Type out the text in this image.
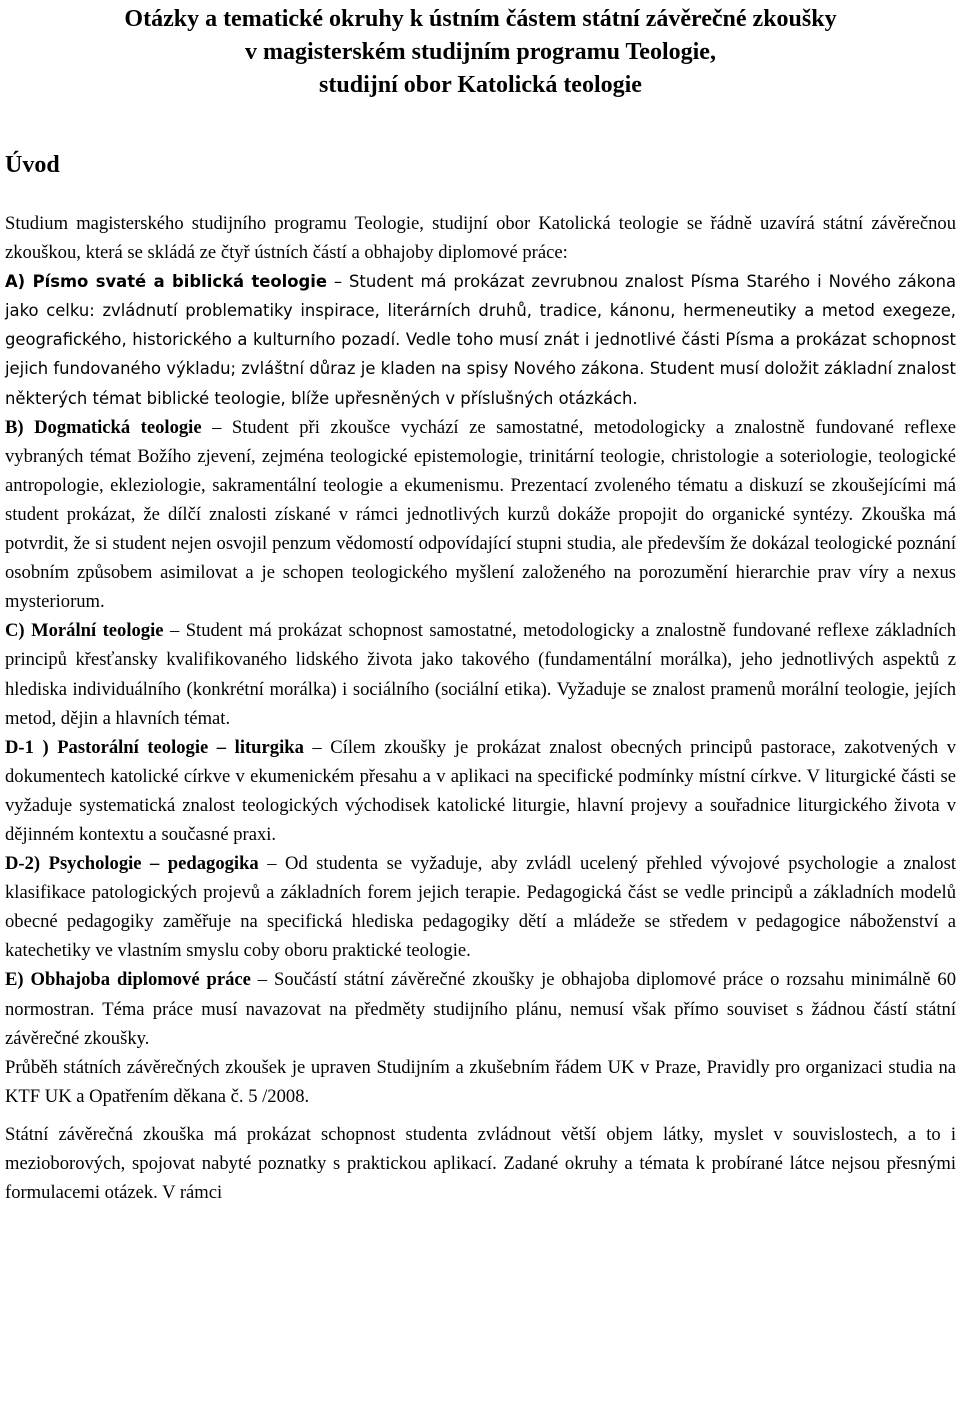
Otázky a tematické okruhy k ústním částem státní závěrečné zkoušky
v magisterském studijním programu Teologie,
studijní obor Katolická teologie
Úvod

Studium magisterského studijního programu Teologie, studijní obor Katolická teologie se řádně uzavírá státní závěrečnou zkouškou, která se skládá ze čtyř ústních částí a obhajoby diplomové práce:

A) Písmo svaté a biblická teologie – Student má prokázat zevrubnou znalost Písma Starého i Nového zákona jako celku: zvládnutí problematiky inspirace, literárních druhů, tradice, kánonu, hermeneutiky a metod exegeze, geografického, historického a kulturního pozadí. Vedle toho musí znát i jednotlivé části Písma a prokázat schopnost jejich fundovaného výkladu; zvláštní důraz je kladen na spisy Nového zákona. Student musí doložit základní znalost některých témat biblické teologie, blíže upřesněných v příslušných otázkách.

B) Dogmatická teologie – Student při zkoušce vychází ze samostatné, metodologicky a znalostně fundované reflexe vybraných témat Božího zjevení, zejména teologické epistemologie, trinitární teologie, christologie a soteriologie, teologické antropologie, ekleziologie, sakramentální teologie a ekumenismu. Prezentací zvoleného tématu a diskuzí se zkoušejícími má student prokázat, že dílčí znalosti získané v rámci jednotlivých kurzů dokáže propojit do organické syntézy. Zkouška má potvrdit, že si student nejen osvojil penzum vědomostí odpovídající stupni studia, ale především že dokázal teologické poznání osobním způsobem asimilovat a je schopen teologického myšlení založeného na porozumění hierarchie prav víry a nexus mysteriorum.

C) Morální teologie – Student má prokázat schopnost samostatné, metodologicky a znalostně fundované reflexe základních principů křesťansky kvalifikovaného lidského života jako takového (fundamentální morálka), jeho jednotlivých aspektů z hlediska individuálního (konkrétní morálka) i sociálního (sociální etika). Vyžaduje se znalost pramenů morální teologie, jejích metod, dějin a hlavních témat.

D-1 ) Pastorální teologie – liturgika – Cílem zkoušky je prokázat znalost obecných principů pastorace, zakotvených v dokumentech katolické církve v ekumenickém přesahu a v aplikaci na specifické podmínky místní církve. V liturgické části se vyžaduje systematická znalost teologických východisek katolické liturgie, hlavní projevy a souřadnice liturgického života v dějinném kontextu a současné praxi.

D-2) Psychologie – pedagogika – Od studenta se vyžaduje, aby zvládl ucelený přehled vývojové psychologie a znalost klasifikace patologických projevů a základních forem jejich terapie. Pedagogická část se vedle principů a základních modelů obecné pedagogiky zaměřuje na specifická hlediska pedagogiky dětí a mládeže se středem v pedagogice náboženství a katechetiky ve vlastním smyslu coby oboru praktické teologie.

E) Obhajoba diplomové práce – Součástí státní závěrečné zkoušky je obhajoba diplomové práce o rozsahu minimálně 60 normostran. Téma práce musí navazovat na předměty studijního plánu, nemusí však přímo souviset s žádnou částí státní závěrečné zkoušky.

Průběh státních závěrečných zkoušek je upraven Studijním a zkušebním řádem UK v Praze, Pravidly pro organizaci studia na KTF UK a Opatřením děkana č. 5 /2008.

Státní závěrečná zkouška má prokázat schopnost studenta zvládnout větší objem látky, myslet v souvislostech, a to i mezioborových, spojovat nabyté poznatky s praktickou aplikací. Zadané okruhy a témata k probírané látce nejsou přesnými formulacemi otázek. V rámci
